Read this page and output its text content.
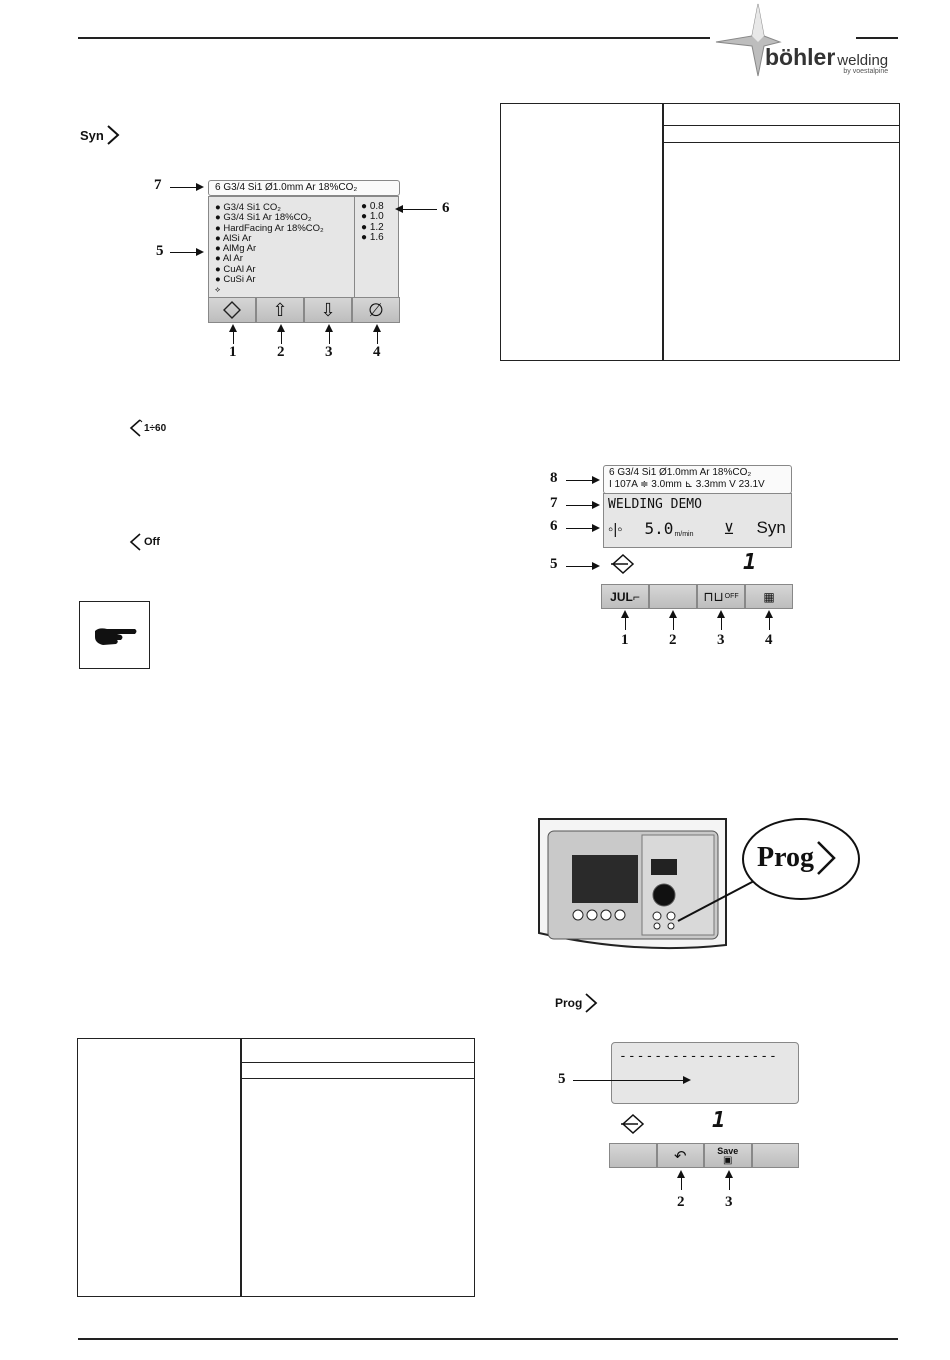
böhler welding
by voestalpine
Syn
7	6 G3/4 Si1 Ø1.0mm Ar 18%CO₂
● G3/4 Si1 CO₂
● G3/4 Si1 Ar 18%CO₂
● HardFacing Ar 18%CO₂
● AlSi Ar
● AlMg Ar
● Al Ar
● CuAl Ar
● CuSi Ar
⟡
● 0.8
● 1.0
● 1.2
● 1.6
6
5
⇧ ⇩ ∅
1	2	3	4
1÷60
Off
8	6 G3/4 Si1 Ø1.0mm Ar 18%CO₂
I 107A ≑ 3.0mm ⊾ 3.3mm V 23.1V
7	WELDING DEMO
◦|◦ 5.0 m/min ⊻ Syn
6
5	1
JUL⌐	⊓⊔ OFF ▦
1	2	3	4
Prog
Prog
------------------
5
1
↶	Save
▣
2	3
